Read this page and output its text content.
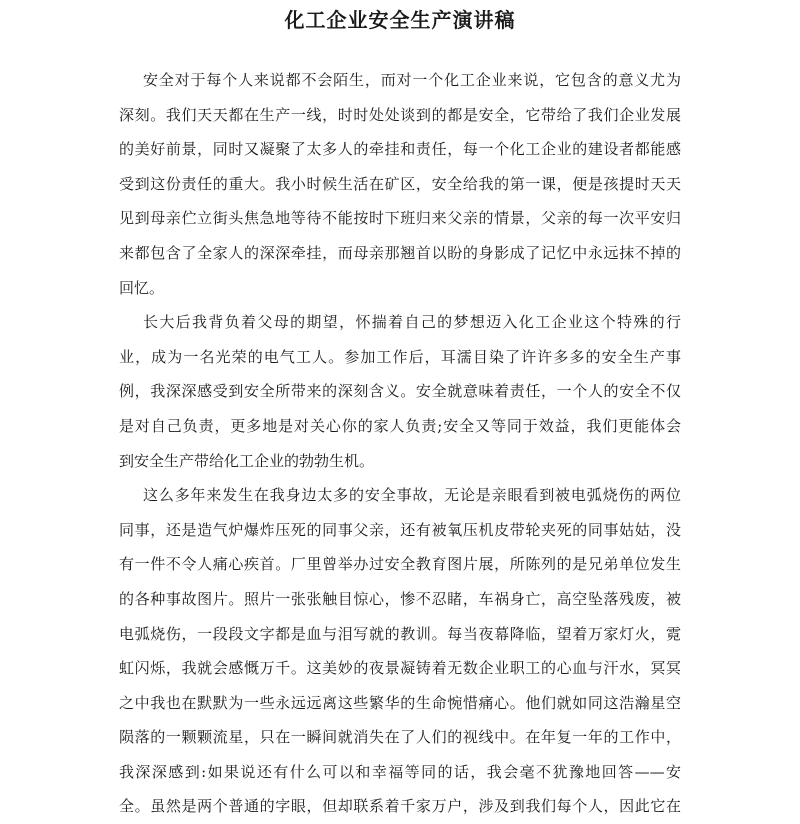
化工企业安全生产演讲稿
安全对于每个人来说都不会陌生，而对一个化工企业来说，它包含的意义尤为
深刻。我们天天都在生产一线，时时处处谈到的都是安全，它带给了我们企业发展
的美好前景，同时又凝聚了太多人的牵挂和责任，每一个化工企业的建设者都能感
受到这份责任的重大。我小时候生活在矿区，安全给我的第一课，便是孩提时天天
见到母亲伫立街头焦急地等待不能按时下班归来父亲的情景，父亲的每一次平安归
来都包含了全家人的深深牵挂，而母亲那翘首以盼的身影成了记忆中永远抹不掉的
回忆。
长大后我背负着父母的期望，怀揣着自己的梦想迈入化工企业这个特殊的行
业，成为一名光荣的电气工人。参加工作后，耳濡目染了许许多多的安全生产事
例，我深深感受到安全所带来的深刻含义。安全就意味着责任，一个人的安全不仅
是对自己负责，更多地是对关心你的家人负责;安全又等同于效益，我们更能体会
到安全生产带给化工企业的勃勃生机。
这么多年来发生在我身边太多的安全事故，无论是亲眼看到被电弧烧伤的两位
同事，还是造气炉爆炸压死的同事父亲，还有被氧压机皮带轮夹死的同事姑姑，没
有一件不令人痛心疾首。厂里曾举办过安全教育图片展，所陈列的是兄弟单位发生
的各种事故图片。照片一张张触目惊心，惨不忍睹，车祸身亡，高空坠落残废，被
电弧烧伤，一段段文字都是血与泪写就的教训。每当夜幕降临，望着万家灯火，霓
虹闪烁，我就会感慨万千。这美妙的夜景凝铸着无数企业职工的心血与汗水，冥冥
之中我也在默默为一些永远远离这些繁华的生命惋惜痛心。他们就如同这浩瀚星空
陨落的一颗颗流星，只在一瞬间就消失在了人们的视线中。在年复一年的工作中，
我深深感到:如果说还有什么可以和幸福等同的话，我会毫不犹豫地回答——安
全。虽然是两个普通的字眼，但却联系着千家万户，涉及到我们每个人，因此它在
